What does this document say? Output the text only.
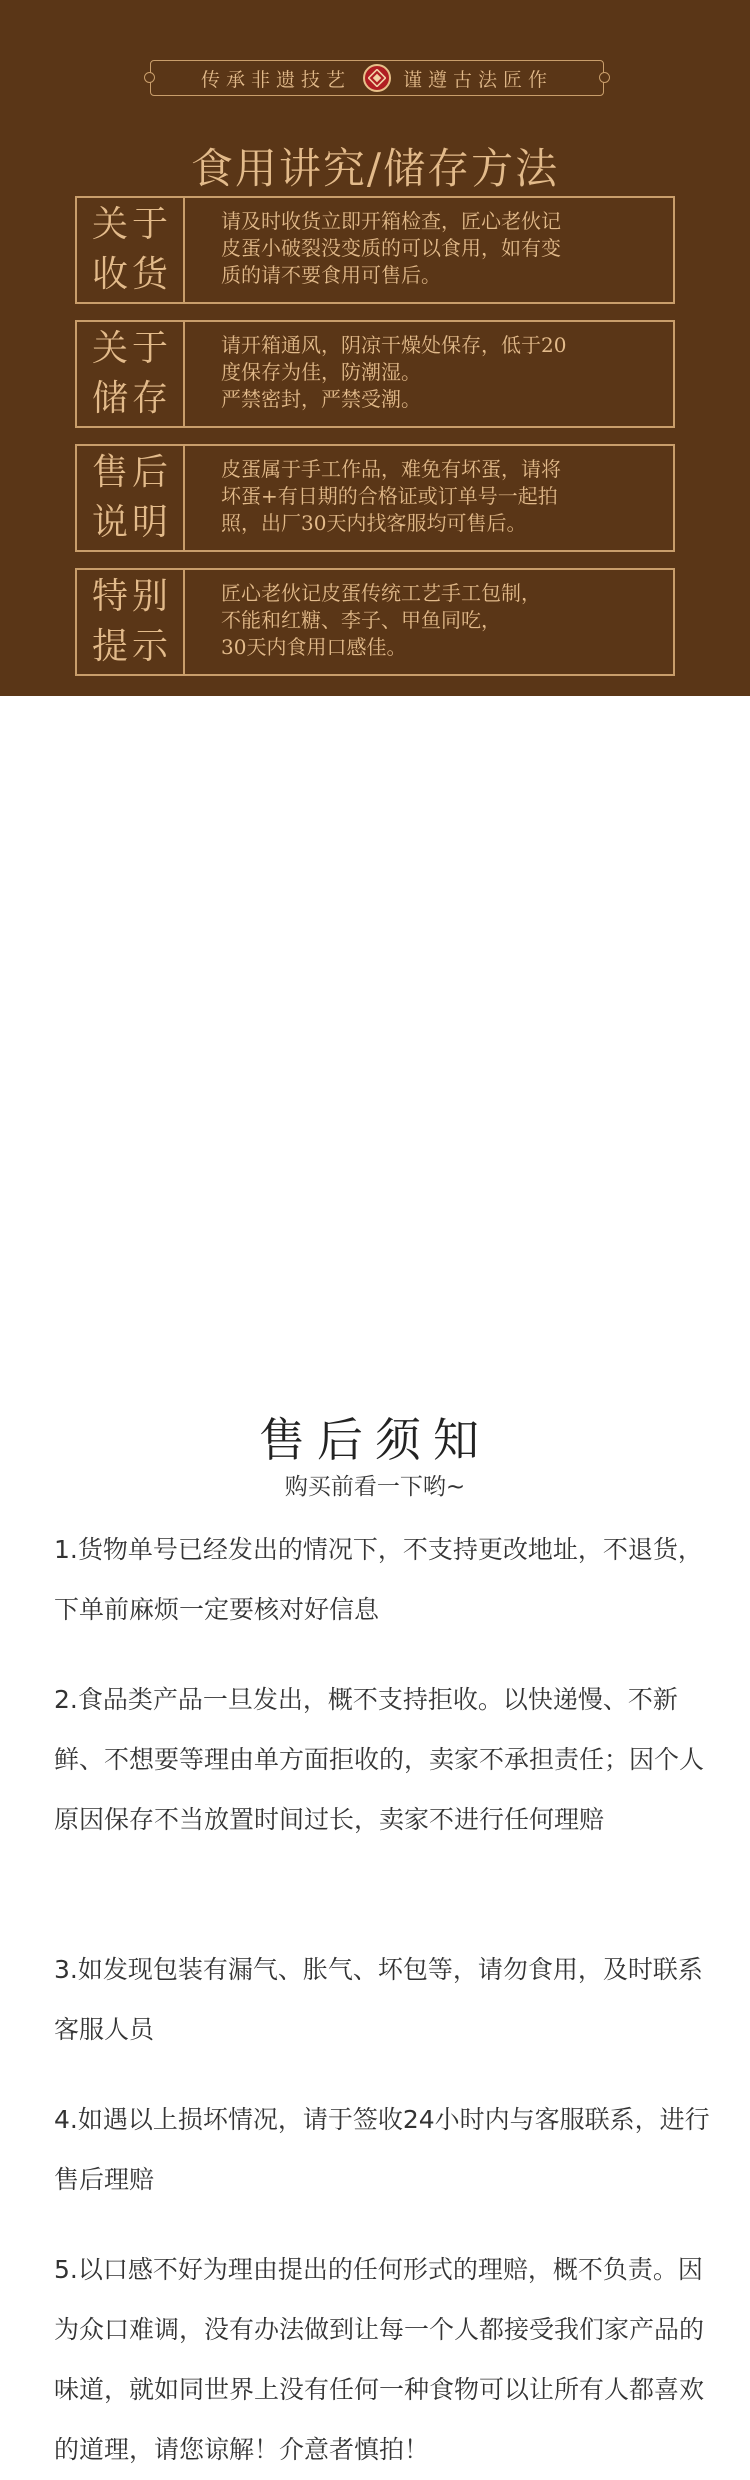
传承非遗技艺	谨遵古法匠作
食用讲究/储存方法
关于收货
请及时收货立即开箱检查，匠心老伙记
皮蛋小破裂没变质的可以食用，如有变
质的请不要食用可售后。
关于储存
请开箱通风，阴凉干燥处保存，低于20
度保存为佳，防潮湿。
严禁密封，严禁受潮。
售后说明
皮蛋属于手工作品，难免有坏蛋，请将
坏蛋+有日期的合格证或订单号一起拍
照，出厂30天内找客服均可售后。
特别提示
匠心老伙记皮蛋传统工艺手工包制，
不能和红糖、李子、甲鱼同吃，
30天内食用口感佳。
售后须知
购买前看一下哟~
1.货物单号已经发出的情况下，不支持更改地址，不退货，下单前麻烦一定要核对好信息
2.食品类产品一旦发出，概不支持拒收。以快递慢、不新鲜、不想要等理由单方面拒收的，卖家不承担责任；因个人原因保存不当放置时间过长，卖家不进行任何理赔
3.如发现包装有漏气、胀气、坏包等，请勿食用，及时联系客服人员
4.如遇以上损坏情况，请于签收24小时内与客服联系，进行售后理赔
5.以口感不好为理由提出的任何形式的理赔，概不负责。因为众口难调，没有办法做到让每一个人都接受我们家产品的味道，就如同世界上没有任何一种食物可以让所有人都喜欢的道理，请您谅解！介意者慎拍！
